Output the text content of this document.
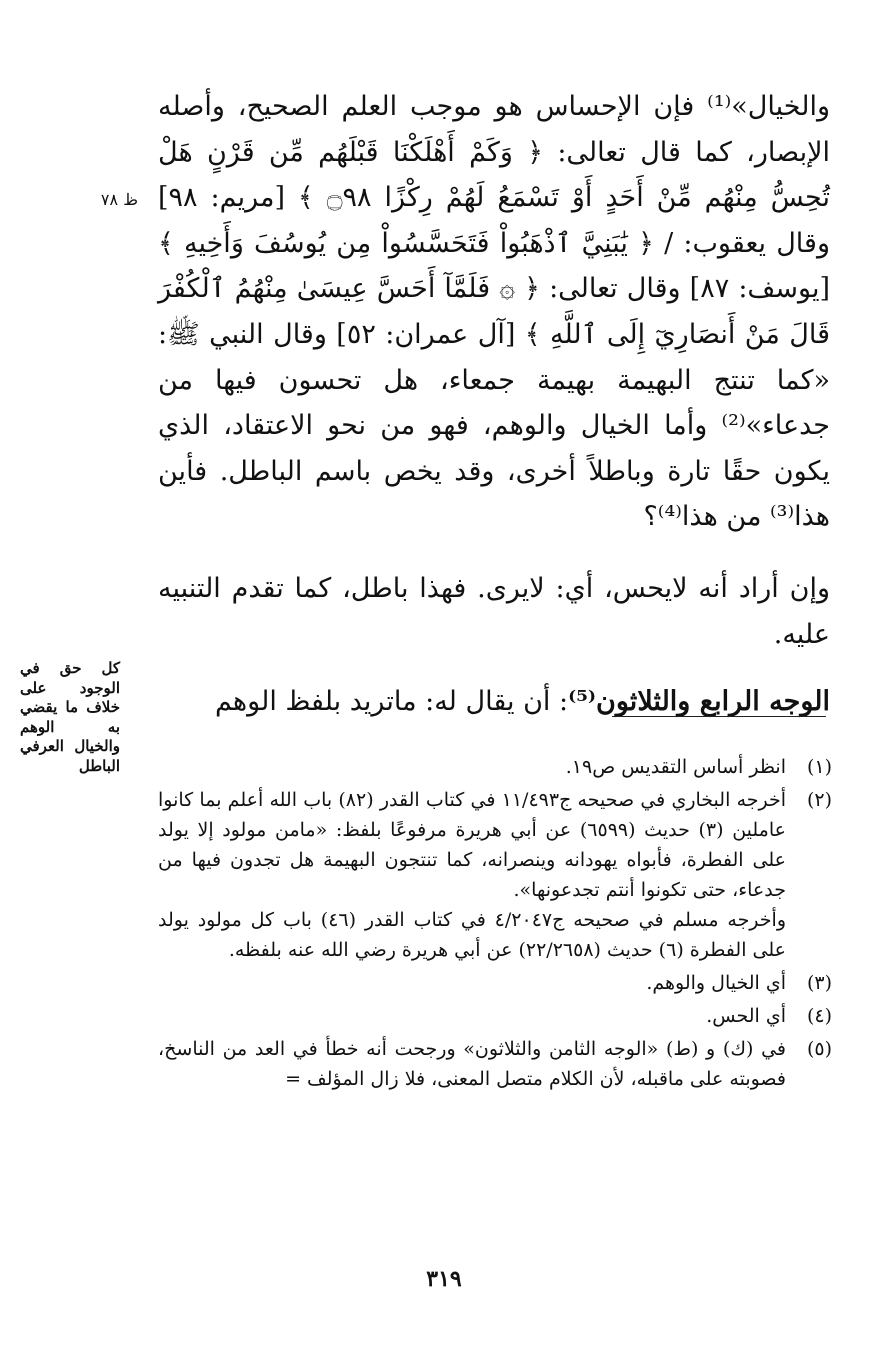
والخيال»⁽¹⁾ فإن الإحساس هو موجب العلم الصحيح، وأصله الإبصار، كما قال تعالى: ﴿ وَكَمْ أَهْلَكْنَا قَبْلَهُم مِّن قَرْنٍ هَلْ تُحِسُّ مِنْهُم مِّنْ أَحَدٍ أَوْ تَسْمَعُ لَهُمْ رِكْزًا ۝٩٨ ﴾ [مريم: ٩٨] وقال يعقوب: / ﴿ يَٰبَنِيَّ ٱذْهَبُواْ فَتَحَسَّسُواْ مِن يُوسُفَ وَأَخِيهِ ﴾ [يوسف: ٨٧] وقال تعالى: ﴿ ۞ فَلَمَّآ أَحَسَّ عِيسَىٰ مِنْهُمُ ٱلْكُفْرَ قَالَ مَنْ أَنصَارِيٓ إِلَى ٱللَّهِ ﴾ [آل عمران: ٥٢] وقال النبي ﷺ: «كما تنتج البهيمة بهيمة جمعاء، هل تحسون فيها من جدعاء»⁽²⁾ وأما الخيال والوهم، فهو من نحو الاعتقاد، الذي يكون حقًا تارة وباطلاً أخرى، وقد يخص باسم الباطل. فأين هذا⁽³⁾ من هذا⁽⁴⁾؟

وإن أراد أنه لايحس، أي: لايرى. فهذا باطل، كما تقدم التنبيه عليه.

الوجه الرابع والثلاثون⁽⁵⁾: أن يقال له: ماتريد بلفظ الوهم

ظ ٧٨
كل حق في الوجود على خلاف ما يقضي به الوهم والخيال العرفي الباطل	(١)

انظر أساس التقديس ص١٩.

(٢)

أخرجه البخاري في صحيحه ج١١/٤٩٣ في كتاب القدر (٨٢) باب الله أعلم بما كانوا عاملين (٣) حديث (٦٥٩٩) عن أبي هريرة مرفوعًا بلفظ: «مامن مولود إلا يولد على الفطرة، فأبواه يهودانه وينصرانه، كما تنتجون البهيمة هل تجدون فيها من جدعاء، حتى تكونوا أنتم تجدعونها».

وأخرجه مسلم في صحيحه ج٤/٢٠٤٧ في كتاب القدر (٤٦) باب كل مولود يولد على الفطرة (٦) حديث (٢٢/٢٦٥٨) عن أبي هريرة رضي الله عنه بلفظه.

(٣)

أي الخيال والوهم.

(٤)

أي الحس.

(٥)

في (ك) و (ط) «الوجه الثامن والثلاثون» ورجحت أنه خطأ في العد من الناسخ، فصوبته على ماقبله، لأن الكلام متصل المعنى، فلا زال المؤلف =

٣١٩
